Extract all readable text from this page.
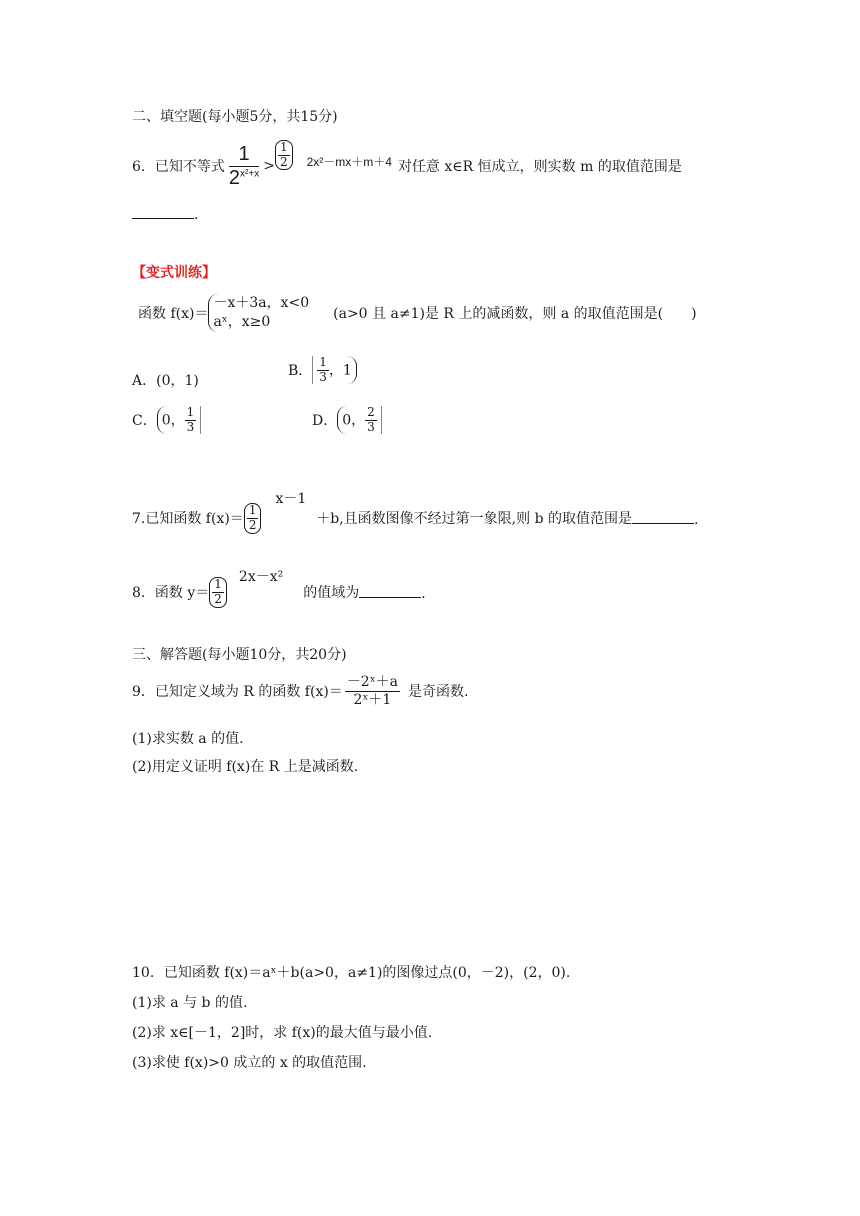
二、填空题(每小题5分，共15分)
6．已知不等式 $\frac{1}{2^{x^2+x}} > \frac{1}{2} 2x^2-mx+m+4$ 对任意 x∈R 恒成立，则实数 m 的取值范围是
.
【变式训练】
函数 f(x)＝
－x＋3a，x<0
aˣ，x≥0	(a>0 且 a≠1)是 R 上的减函数，则 a 的取值范围是(　　)
A．(0，1)
B． $\frac{1}{3}$ ，1
C． 0， $\frac{1}{3}$	D． 0， $\frac{2}{3}$
7.已知函数 $f(x)= \frac{1}{2}$
x－1
＋b,且函数图像不经过第一象限,则 b 的取值范围是	.
8．函数 $y= \frac{1}{2}$
2x－x²
的值域为	.
三、解答题(每小题10分，共20分)
9．已知定义域为 R 的函数 $f(x)= \frac{\text{－2ˣ＋a}}{\text{2ˣ＋1}}$ 是奇函数.
(1)求实数 a 的值.
(2)用定义证明 f(x)在 R 上是减函数.
10．已知函数 f(x)＝aˣ＋b(a>0，a≠1)的图像过点(0，－2)，(2，0).
(1)求 a 与 b 的值.
(2)求 x∈[－1，2]时，求 f(x)的最大值与最小值.
(3)求使 f(x)>0 成立的 x 的取值范围.
